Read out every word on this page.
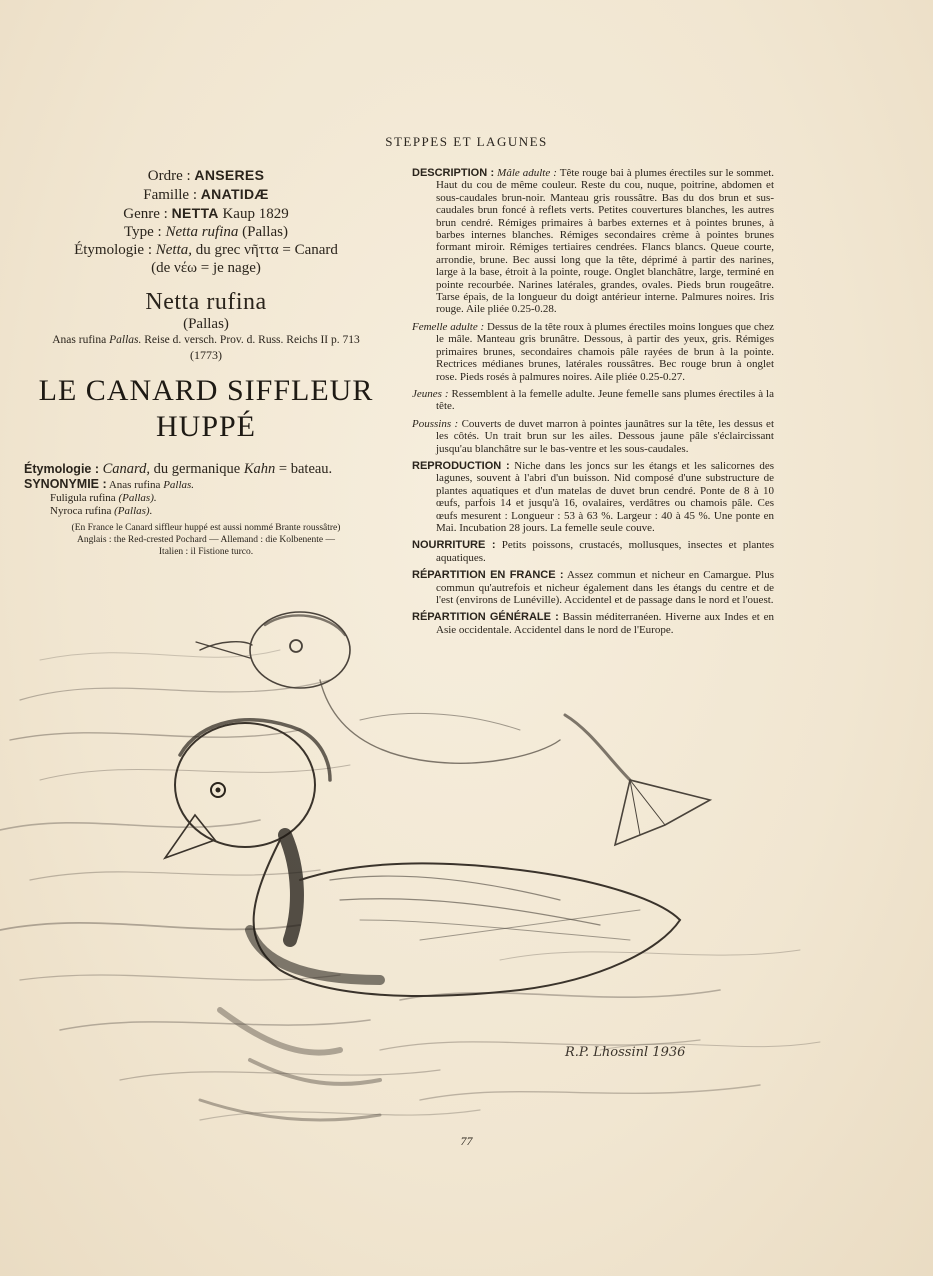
STEPPES ET LAGUNES
Ordre : ANSERES
Famille : ANATIDÆ
Genre : NETTA Kaup 1829
Type : Netta rufina (Pallas)
Étymologie : Netta, du grec νῆττα = Canard
(de νέω = je nage)
Netta rufina
(Pallas)
Anas rufina Pallas. Reise d. versch. Prov. d. Russ. Reichs II p. 713
(1773)
LE CANARD SIFFLEUR
HUPPÉ
Étymologie : Canard, du germanique Kahn = bateau.
SYNONYMIE : Anas rufina Pallas.
Fuligula rufina (Pallas).
Nyroca rufina (Pallas).
(En France le Canard siffleur huppé est aussi nommé Brante roussâtre)
Anglais : the Red-crested Pochard — Allemand : die Kolbenente —
Italien : il Fistione turco.
DESCRIPTION : Mâle adulte : Tête rouge bai à plumes érectiles sur le sommet. Haut du cou de même couleur. Reste du cou, nuque, poitrine, abdomen et sous-caudales brun-noir. Manteau gris roussâtre. Bas du dos brun et sus-caudales brun foncé à reflets verts. Petites couvertures blanches, les autres brun cendré. Rémiges primaires à barbes externes et à pointes brunes, à barbes internes blanches. Rémiges secondaires crème à pointes brunes formant miroir. Rémiges tertiaires cendrées. Flancs blancs. Queue courte, arrondie, brune. Bec aussi long que la tête, déprimé à partir des narines, large à la base, étroit à la pointe, rouge. Onglet blanchâtre, large, terminé en pointe recourbée. Narines latérales, grandes, ovales. Pieds brun rougeâtre. Tarse épais, de la longueur du doigt antérieur interne. Palmures noires. Iris rouge. Aile pliée 0.25-0.28.
Femelle adulte : Dessus de la tête roux à plumes érectiles moins longues que chez le mâle. Manteau gris brunâtre. Dessous, à partir des yeux, gris. Rémiges primaires brunes, secondaires chamois pâle rayées de brun à la pointe. Rectrices médianes brunes, latérales roussâtres. Bec rouge brun à onglet rose. Pieds rosés à palmures noires. Aile pliée 0.25-0.27.
Jeunes : Ressemblent à la femelle adulte. Jeune femelle sans plumes érectiles à la tête.
Poussins : Couverts de duvet marron à pointes jaunâtres sur la tête, les dessus et les côtés. Un trait brun sur les ailes. Dessous jaune pâle s'éclaircissant jusqu'au blanchâtre sur le bas-ventre et les sous-caudales.
REPRODUCTION : Niche dans les joncs sur les étangs et les salicornes des lagunes, souvent à l'abri d'un buisson. Nid composé d'une substructure de plantes aquatiques et d'un matelas de duvet brun cendré. Ponte de 8 à 10 œufs, parfois 14 et jusqu'à 16, ovalaires, verdâtres ou chamois pâle. Ces œufs mesurent : Longueur : 53 à 63 %. Largeur : 40 à 45 %. Une ponte en Mai. Incubation 28 jours. La femelle seule couve.
NOURRITURE : Petits poissons, crustacés, mollusques, insectes et plantes aquatiques.
RÉPARTITION EN FRANCE : Assez commun et nicheur en Camargue. Plus commun qu'autrefois et nicheur également dans les étangs du centre et de l'est (environs de Lunéville). Accidentel et de passage dans le nord et l'ouest.
RÉPARTITION GÉNÉRALE : Bassin méditerranéen. Hiverne aux Indes et en Asie occidentale. Accidentel dans le nord de l'Europe.
R.P. Lhossinl 1936
77
